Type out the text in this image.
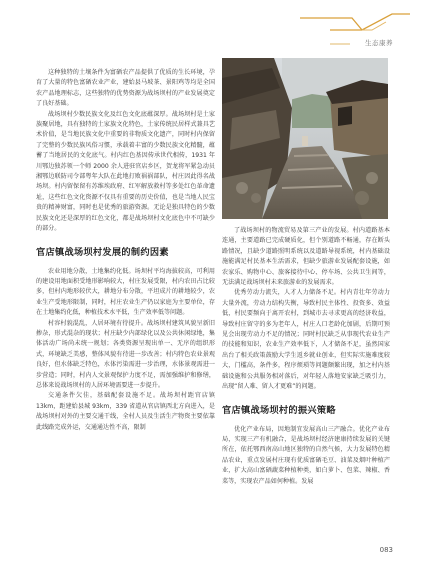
生态康养

这种独特的土壤条件为富硒农产品提供了优质的生长环境，孕育了大量的特色富硒农业产业，建始县马坡茶、景阳鸡等均是全国农产品地理标志，这些独特的优势资源为战场坝村的产业发展奠定了良好基础。

战场坝村少数民族文化及红色文化底蕴深厚。战场坝村是土家族聚居地，具有独特的土家族文化特色，土家传统民居样式兼具艺术价值，是当地民族文化中重要的非物质文化遗产，同时村内保留了完整的少数民族风俗习惯，承载着丰富的少数民族文化精髓，蕴蓄了当地居民的文化底气。村内红色基因传承世代相传，1931 年川鄂边独苏领一个师 2000 余人进驻官店乡区，贺龙将军紧急动员湘鄂边联防司令部粤年大队在此地打败祸祸部队，村庄因此得名战场坝。村内留保留有苏维埃政府、红军解放救村等多处红色革命遗址，这些红色文化资源不仅具有重要的历史价值，也是当地人民宝贵的精神财富，同时也是优秀的旅游资源。无论是独具特色的少数民族文化还是深厚的红色文化，都是战场坝村文化底色中不可缺少的部分。

官店镇战场坝村发展的制约因素

农业用地分散，土地集约化低。场坝村平均海拔较高，可利用的建设用地面积受地形影响较大，村庄发展受限，村内农田占比较多，但村内地形较伏大，耕地分布分散，平坦成片的耕地较少，农业生产受地形限制，同时，村庄农业生产仍以家庭为主要单位，存在土地集约化低，种植技术水平低，生产效率低等问题。

村容村貌混乱，人居环境有待提升。战场坝村建筑风貌呈新旧掺杂，形式混杂的现状；村庄缺少内部绿化以及公共休闲绿地，集体活动广场尚未统一规划；各类资源呈现出单一、无序的组织形式，环境缺乏美感，整体风貌有待进一步改善；村内特色农业景观良好，但水体缺乏特色，水体污染需进一步治理，水体景观需进一步营造；同时，村内人文景观保护力度不足，需加强维护和修缮，总体来说战场坝村的人居环境需要进一步提升。

交通条件欠佳，基础配套设施不足。战场坝村距官店镇 13km，距建始县城 93km，339 省道从官店镇西北方向进入，是战场坝村对外的主要交通干线，全村人员及生活生产物资主要依靠此线路完成外运，交通通达性不高，限制

了战场坝村的物流贸易及第三产业的发展。村内道路基本连通，主要道路已完成硬质化，但个别道路不畅通，存在断头路情况，且缺少道路照明系统以及道路导视系统，村内基础设施能满足村民基本生活需求，但缺少旅游业发展配套设施，如农家乐、购物中心、旅客接待中心、停车场、公共卫生间等，无法满足战场坝村未来旅游业的发展需求。

优秀劳动力流失，人才人力储备不足。村内青壮年劳动力大量外流，劳动力结构失衡，导致村民主体性、投资多、效益低，村民要频向于离开农村，到城市去寻求更高的经济收益，导致村庄留守的多为老年人，村庄人口老龄化加剧，后期可预见会出现劳动力不足的情况；同时村民缺乏从事现代农业生产的技能和知识，农业生产效率低下，人才储备不足，虽然国家出台了相关政策鼓励大学生返乡就业创业，但实际实施难度较大，门槛高，条件多，程序烦琐等问题颇繁出现，加之村内基础设施和公共服务相对落后，对年轻人落地安家缺乏吸引力，出现“留人难、留人才更难”的问题。

官店镇战场坝村的振兴策略

优化产业布局，因地制宜发展高山三产融合。优化产业布局，实现三产有机融合，是战场坝村经济建康持续发展的关键所在，依托鄂西南高山地区独特的自然气候，大力发展特色精品农业，重点发展村庄现有优质富硒毛豆、油菜及烟叶种植产业，扩大高山富硒蔬菜种植种类，如白萝卜、包菜、辣椒、香菜等，实现农产品如何种植。发展

083
